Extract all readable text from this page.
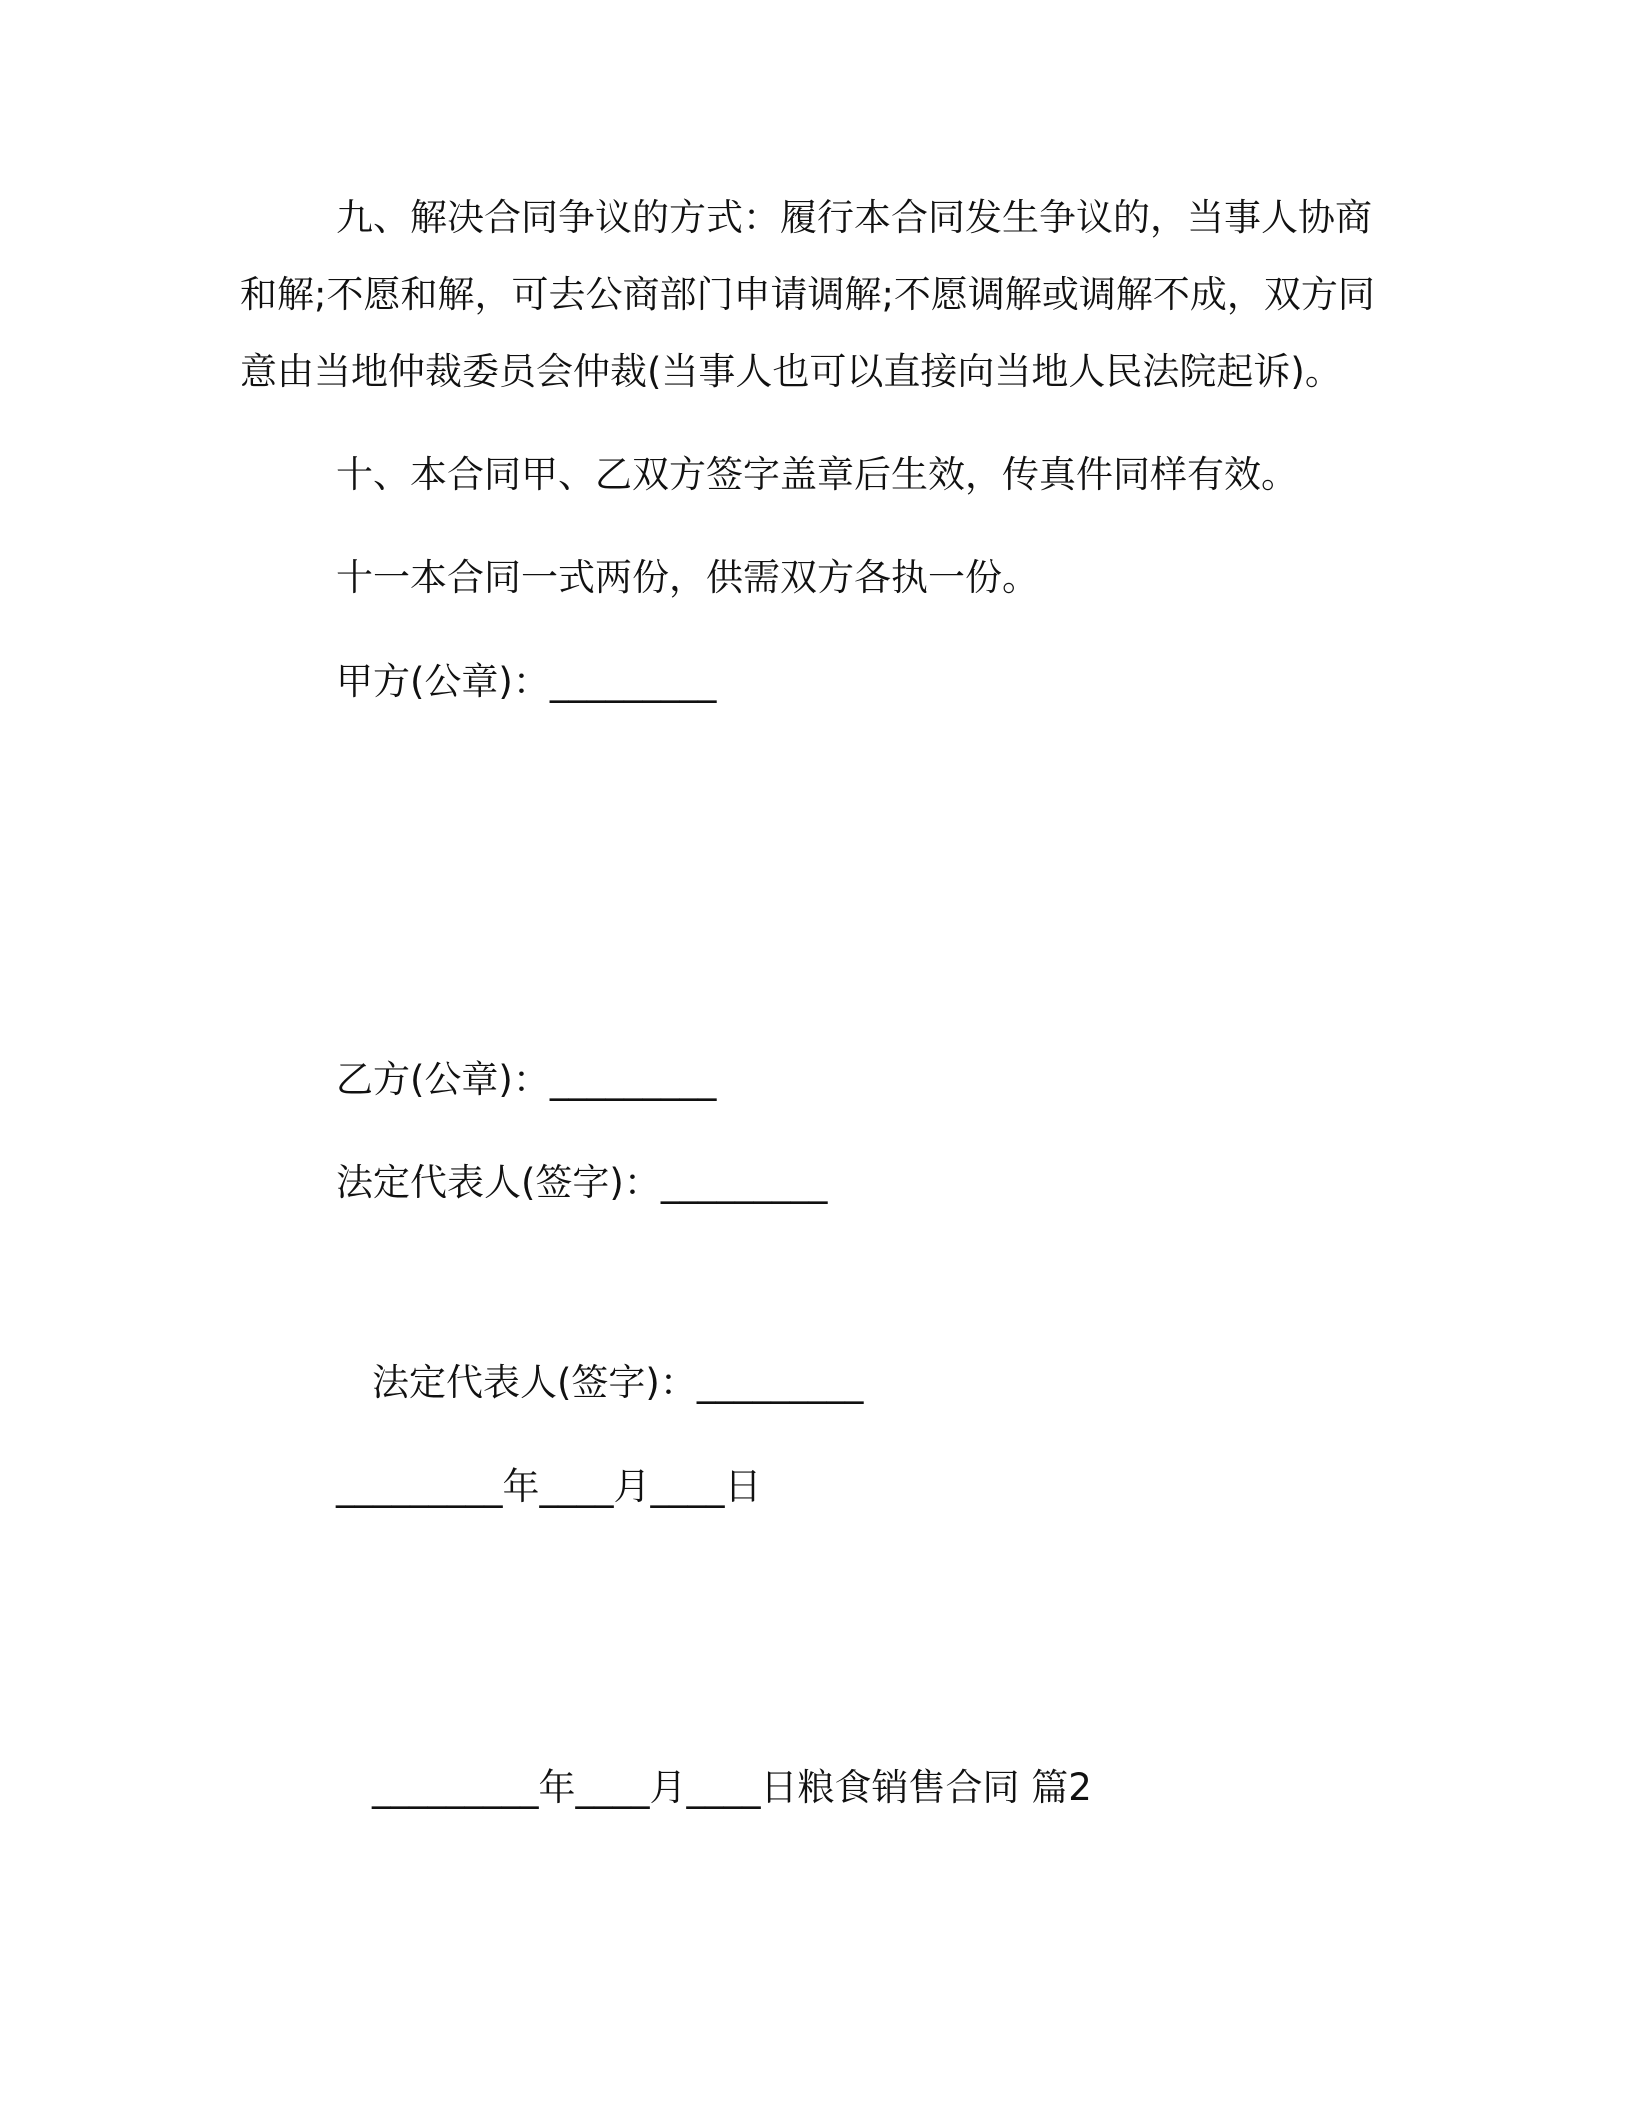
九、解决合同争议的方式：履行本合同发生争议的，当事人协商
和解;不愿和解，可去公商部门申请调解;不愿调解或调解不成，双方同
意由当地仲裁委员会仲裁(当事人也可以直接向当地人民法院起诉)。
十、本合同甲、乙双方签字盖章后生效，传真件同样有效。
十一本合同一式两份，供需双方各执一份。
甲方(公章)：_________
乙方(公章)：_________
法定代表人(签字)：_________
法定代表人(签字)：_________
_________年____月____日
_________年____月____日粮食销售合同 篇2
